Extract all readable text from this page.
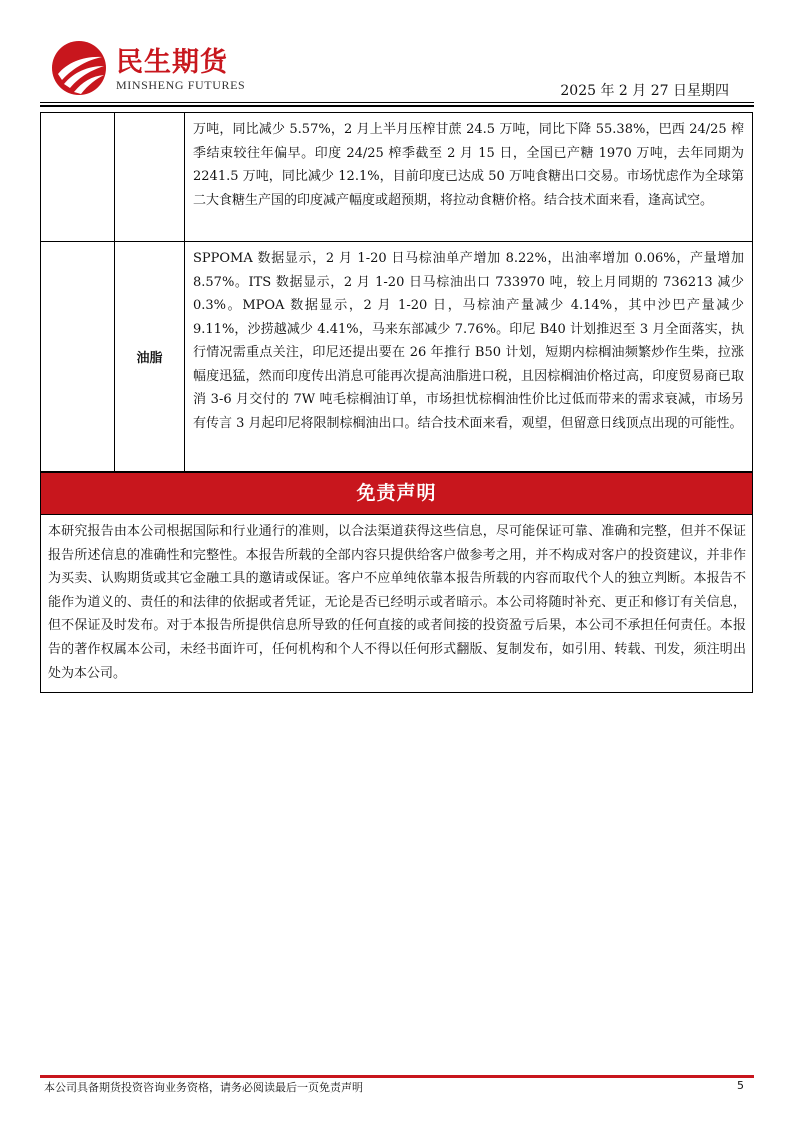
民生期货
MINSHENG FUTURES	2025 年 2 月 27 日星期四

		万吨，同比减少 5.57%，2 月上半月压榨甘蔗 24.5 万吨，同比下降 55.38%，巴西 24/25 榨季结束较往年偏早。印度 24/25 榨季截至 2 月 15 日，全国已产糖 1970 万吨，去年同期为 2241.5 万吨，同比减少 12.1%，目前印度已达成 50 万吨食糖出口交易。市场忧虑作为全球第二大食糖生产国的印度减产幅度或超预期，将拉动食糖价格。结合技术面来看，逢高试空。

	油脂	SPPOMA 数据显示，2 月 1-20 日马棕油单产增加 8.22%，出油率增加 0.06%，产量增加 8.57%。ITS 数据显示，2 月 1-20 日马棕油出口 733970 吨，较上月同期的 736213 减少 0.3%。MPOA 数据显示，2 月 1-20 日，马棕油产量减少 4.14%，其中沙巴产量减少 9.11%，沙捞越减少 4.41%，马来东部减少 7.76%。印尼 B40 计划推迟至 3 月全面落实，执行情况需重点关注，印尼还提出要在 26 年推行 B50 计划，短期内棕榈油频繁炒作生柴，拉涨幅度迅猛，然而印度传出消息可能再次提高油脂进口税，且因棕榈油价格过高，印度贸易商已取消 3-6 月交付的 7W 吨毛棕榈油订单，市场担忧棕榈油性价比过低而带来的需求衰减，市场另有传言 3 月起印尼将限制棕榈油出口。结合技术面来看，观望，但留意日线顶点出现的可能性。
免责声明
本研究报告由本公司根据国际和行业通行的准则，以合法渠道获得这些信息，尽可能保证可靠、准确和完整，但并不保证报告所述信息的准确性和完整性。本报告所载的全部内容只提供给客户做参考之用，并不构成对客户的投资建议，并非作为买卖、认购期货或其它金融工具的邀请或保证。客户不应单纯依靠本报告所载的内容而取代个人的独立判断。本报告不能作为道义的、责任的和法律的依据或者凭证，无论是否已经明示或者暗示。本公司将随时补充、更正和修订有关信息，但不保证及时发布。对于本报告所提供信息所导致的任何直接的或者间接的投资盈亏后果，本公司不承担任何责任。本报告的著作权属本公司，未经书面许可，任何机构和个人不得以任何形式翻版、复制发布，如引用、转载、刊发，须注明出处为本公司。
本公司具备期货投资咨询业务资格，请务必阅读最后一页免责声明	5
